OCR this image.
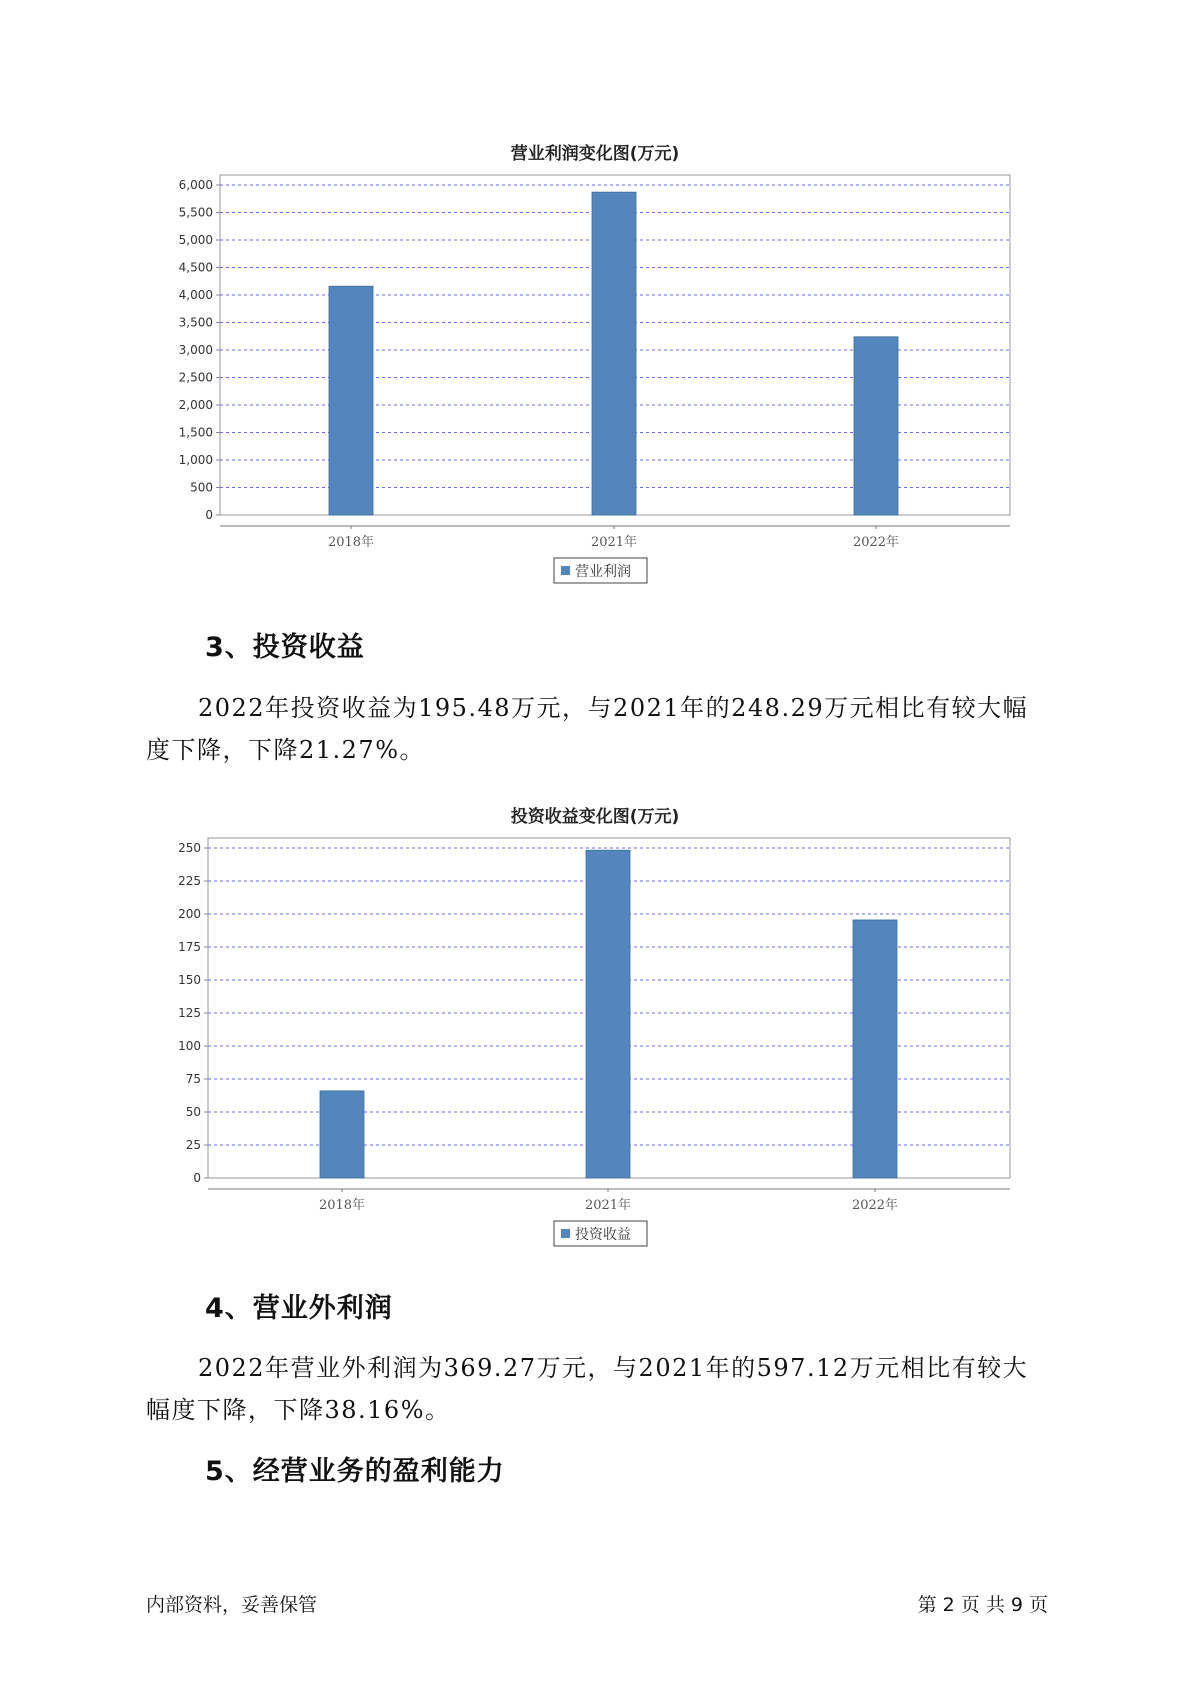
营业利润变化图(万元)
0
500
1,000
1,500
2,000
2,500
3,000
3,500
4,000
4,500
5,000
5,500
6,000
2018年	2021年	2022年
营业利润
3、投资收益
2022年投资收益为195.48万元，与2021年的248.29万元相比有较大幅
度下降，下降21.27%。
投资收益变化图(万元)
0
25
50
75
100
125
150
175
200
225
250
2018年	2021年	2022年
投资收益
4、营业外利润
2022年营业外利润为369.27万元，与2021年的597.12万元相比有较大
幅度下降，下降38.16%。
5、经营业务的盈利能力
内部资料，妥善保管	第 2 页 共 9 页
